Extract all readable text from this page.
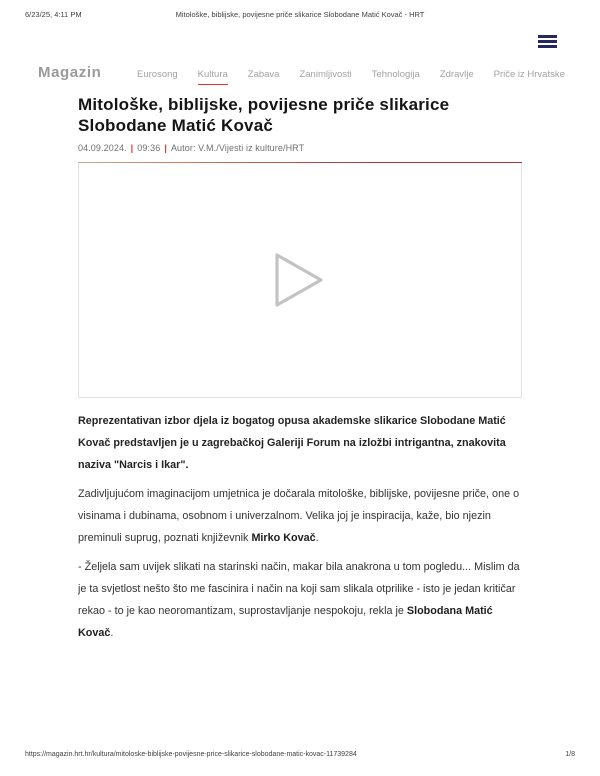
6/23/25, 4:11 PM	Mitološke, biblijske, povijesne priče slikarice Slobodane Matić Kovač - HRT
Magazin	Eurosong Kultura Zabava Zanimljivosti Tehnologija Zdravlje Priče iz Hrvatske
Mitološke, biblijske, povijesne priče slikarice Slobodane Matić Kovač
04.09.2024. | 09:36 | Autor: V.M./Vijesti iz kulture/HRT

Reprezentativan izbor djela iz bogatog opusa akademske slikarice Slobodane Matić Kovač predstavljen je u zagrebačkoj Galeriji Forum na izložbi intrigantna, znakovita naziva "Narcis i Ikar".

Zadivljujućom imaginacijom umjetnica je dočarala mitološke, biblijske, povijesne priče, one o visinama i dubinama, osobnom i univerzalnom. Velika joj je inspiracija, kaže, bio njezin preminuli suprug, poznati književnik Mirko Kovač.

- Željela sam uvijek slikati na starinski način, makar bila anakrona u tom pogledu... Mislim da je ta svjetlost nešto što me fascinira i način na koji sam slikala otprilike - isto je jedan kritičar rekao - to je kao neoromantizam, suprostavljanje nespokoju, rekla je Slobodana Matić Kovač.

https://magazin.hrt.hr/kultura/mitoloske-biblijske-povijesne-price-slikarice-slobodane-matic-kovac-11739284	1/8
